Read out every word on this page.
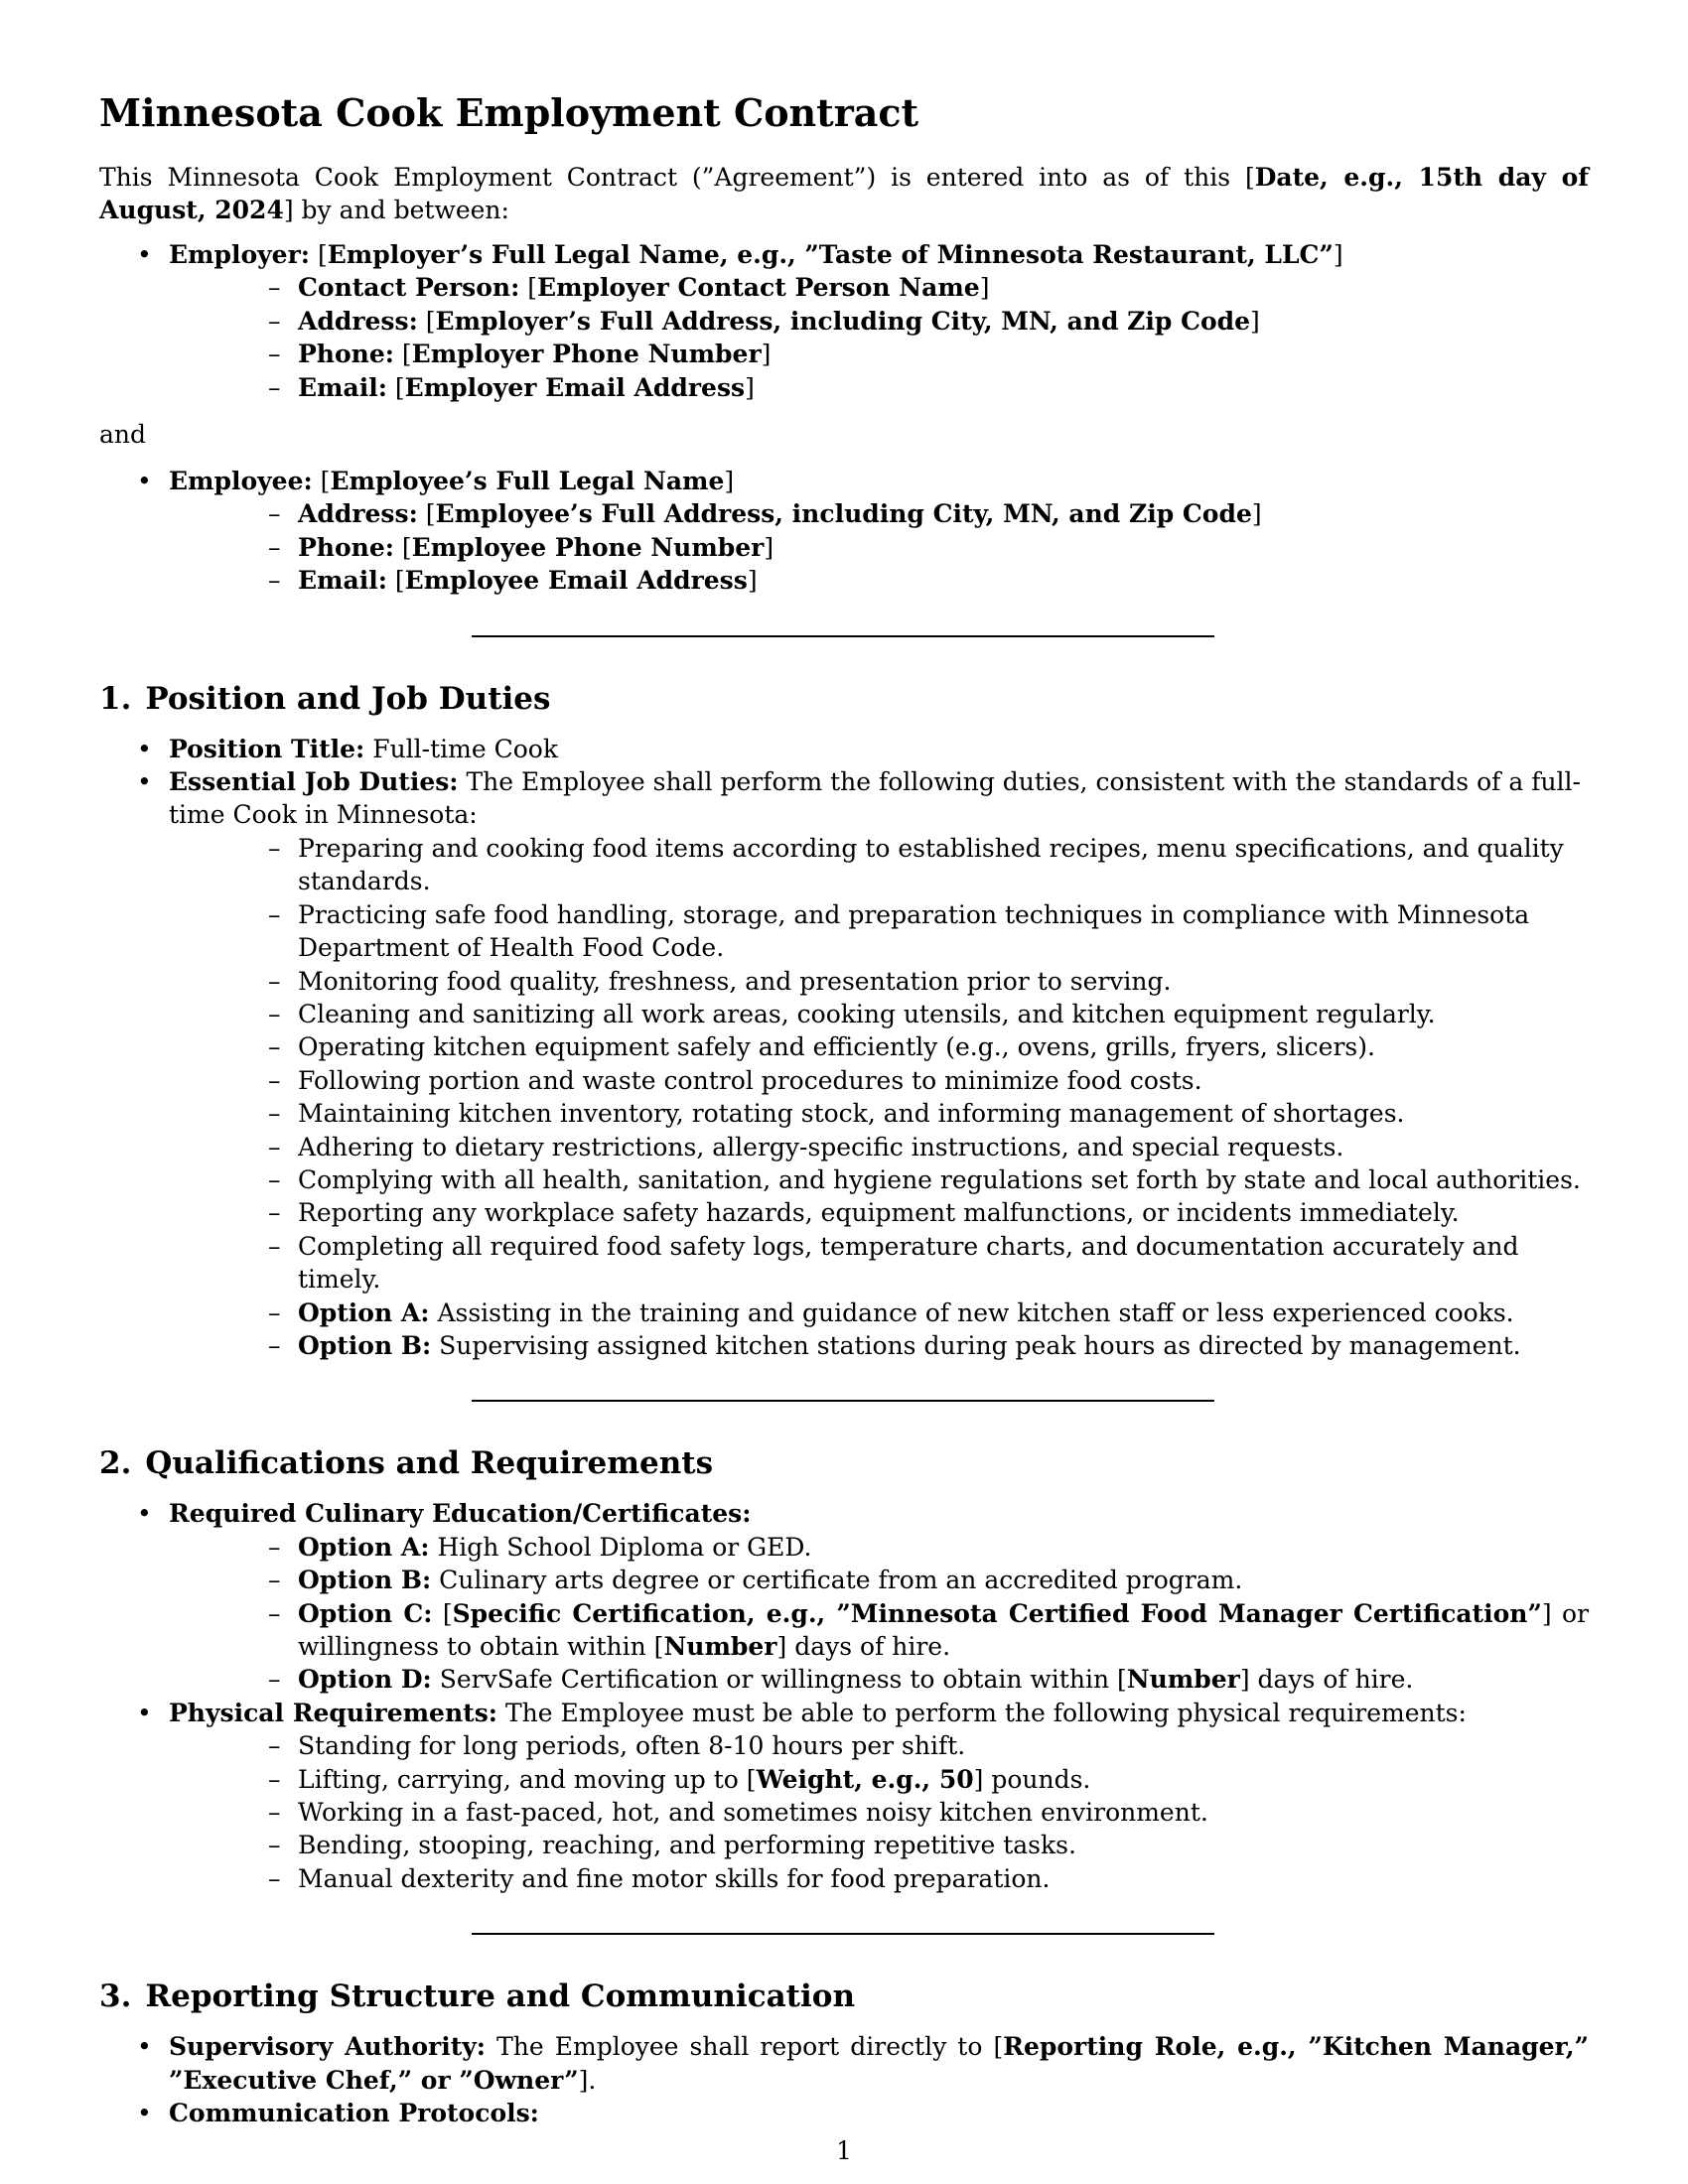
Minnesota Cook Employment Contract

This Minnesota Cook Employment Contract (”Agreement”) is entered into as of this [Date, e.g., 15th day of August, 2024] by and between:

• Employer: [Employer’s Full Legal Name, e.g., ”Taste of Minnesota Restaurant, LLC”]
– Contact Person: [Employer Contact Person Name]
– Address: [Employer’s Full Address, including City, MN, and Zip Code]
– Phone: [Employer Phone Number]
– Email: [Employer Email Address]

and

• Employee: [Employee’s Full Legal Name]
– Address: [Employee’s Full Address, including City, MN, and Zip Code]
– Phone: [Employee Phone Number]
– Email: [Employee Email Address]
1. Position and Job Duties
• Position Title: Full-time Cook
• Essential Job Duties: The Employee shall perform the following duties, consistent with the standards of a full-time Cook in Minnesota:
– Preparing and cooking food items according to established recipes, menu specifications, and quality standards.
– Practicing safe food handling, storage, and preparation techniques in compliance with Minnesota Department of Health Food Code.
– Monitoring food quality, freshness, and presentation prior to serving.
– Cleaning and sanitizing all work areas, cooking utensils, and kitchen equipment regularly.
– Operating kitchen equipment safely and efficiently (e.g., ovens, grills, fryers, slicers).
– Following portion and waste control procedures to minimize food costs.
– Maintaining kitchen inventory, rotating stock, and informing management of shortages.
– Adhering to dietary restrictions, allergy-specific instructions, and special requests.
– Complying with all health, sanitation, and hygiene regulations set forth by state and local authorities.
– Reporting any workplace safety hazards, equipment malfunctions, or incidents immediately.
– Completing all required food safety logs, temperature charts, and documentation accurately and timely.
– Option A: Assisting in the training and guidance of new kitchen staff or less experienced cooks.
– Option B: Supervising assigned kitchen stations during peak hours as directed by management.
2. Qualifications and Requirements
• Required Culinary Education/Certificates:
– Option A: High School Diploma or GED.
– Option B: Culinary arts degree or certificate from an accredited program.
– Option C: [Specific Certification, e.g., ”Minnesota Certified Food Manager Certification”] or willingness to obtain within [Number] days of hire.
– Option D: ServSafe Certification or willingness to obtain within [Number] days of hire.
• Physical Requirements: The Employee must be able to perform the following physical requirements:
– Standing for long periods, often 8-10 hours per shift.
– Lifting, carrying, and moving up to [Weight, e.g., 50] pounds.
– Working in a fast-paced, hot, and sometimes noisy kitchen environment.
– Bending, stooping, reaching, and performing repetitive tasks.
– Manual dexterity and fine motor skills for food preparation.
3. Reporting Structure and Communication
• Supervisory Authority: The Employee shall report directly to [Reporting Role, e.g., ”Kitchen Manager,” ”Executive Chef,” or ”Owner”].
• Communication Protocols:
1
